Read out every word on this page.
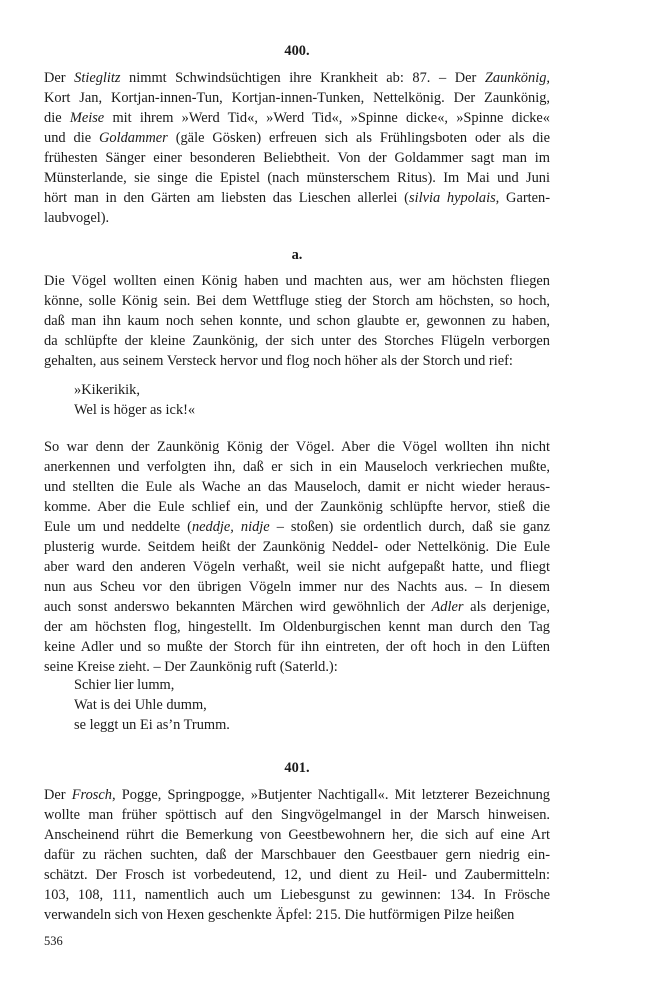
400.
Der Stieglitz nimmt Schwindsüchtigen ihre Krankheit ab: 87. – Der Zaunkönig,
Kort Jan, Kortjan-innen-Tun, Kortjan-innen-Tunken, Nettelkönig. Der Zaunkönig,
die Meise mit ihrem »Werd Tid«, »Werd Tid«, »Spinne dicke«, »Spinne dicke«
und die Goldammer (gäle Gösken) erfreuen sich als Frühlingsboten oder als die
frühesten Sänger einer besonderen Beliebtheit. Von der Goldammer sagt man im
Münsterlande, sie singe die Epistel (nach münsterschem Ritus). Im Mai und Juni
hört man in den Gärten am liebsten das Lieschen allerlei (silvia hypolais, Garten-
laubvogel).
a.
Die Vögel wollten einen König haben und machten aus, wer am höchsten fliegen
könne, solle König sein. Bei dem Wettfluge stieg der Storch am höchsten, so hoch,
daß man ihn kaum noch sehen konnte, und schon glaubte er, gewonnen zu haben,
da schlüpfte der kleine Zaunkönig, der sich unter des Storches Flügeln verborgen
gehalten, aus seinem Versteck hervor und flog noch höher als der Storch und rief:
»Kikerikik,
Wel is höger as ick!«
So war denn der Zaunkönig König der Vögel. Aber die Vögel wollten ihn nicht
anerkennen und verfolgten ihn, daß er sich in ein Mauseloch verkriechen mußte,
und stellten die Eule als Wache an das Mauseloch, damit er nicht wieder heraus-
komme. Aber die Eule schlief ein, und der Zaunkönig schlüpfte hervor, stieß die
Eule um und neddelte (neddje, nidje – stoßen) sie ordentlich durch, daß sie ganz
plusterig wurde. Seitdem heißt der Zaunkönig Neddel- oder Nettelkönig. Die Eule
aber ward den anderen Vögeln verhaßt, weil sie nicht aufgepaßt hatte, und fliegt
nun aus Scheu vor den übrigen Vögeln immer nur des Nachts aus. – In diesem
auch sonst anderswo bekannten Märchen wird gewöhnlich der Adler als derjenige,
der am höchsten flog, hingestellt. Im Oldenburgischen kennt man durch den Tag
keine Adler und so mußte der Storch für ihn eintreten, der oft hoch in den Lüften
seine Kreise zieht. – Der Zaunkönig ruft (Saterld.):
Schier lier lumm,
Wat is dei Uhle dumm,
se leggt un Ei as’n Trumm.
401.
Der Frosch, Pogge, Springpogge, »Butjenter Nachtigall«. Mit letzterer Bezeichnung
wollte man früher spöttisch auf den Singvögelmangel in der Marsch hinweisen.
Anscheinend rührt die Bemerkung von Geestbewohnern her, die sich auf eine Art
dafür zu rächen suchten, daß der Marschbauer den Geestbauer gern niedrig ein-
schätzt. Der Frosch ist vorbedeutend, 12, und dient zu Heil- und Zaubermitteln:
103, 108, 111, namentlich auch um Liebesgunst zu gewinnen: 134. In Frösche
verwandeln sich von Hexen geschenkte Äpfel: 215. Die hutförmigen Pilze heißen
536
